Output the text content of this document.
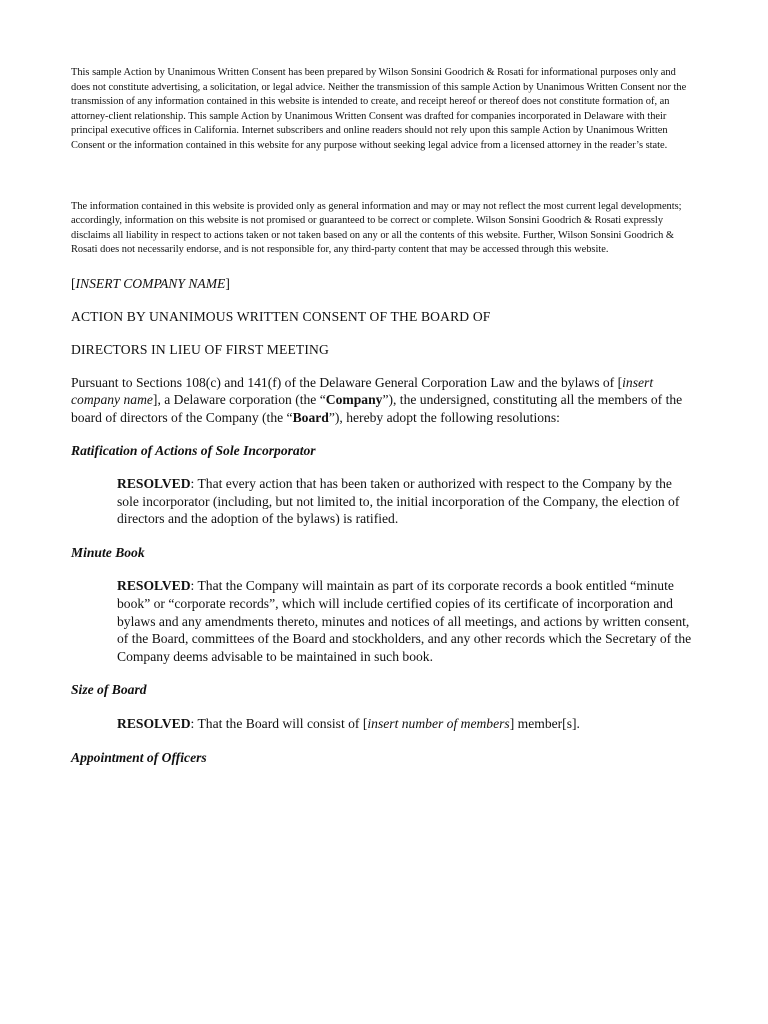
This sample Action by Unanimous Written Consent has been prepared by Wilson Sonsini Goodrich & Rosati for informational purposes only and does not constitute advertising, a solicitation, or legal advice. Neither the transmission of this sample Action by Unanimous Written Consent nor the transmission of any information contained in this website is intended to create, and receipt hereof or thereof does not constitute formation of, an attorney-client relationship. This sample Action by Unanimous Written Consent was drafted for companies incorporated in Delaware with their principal executive offices in California. Internet subscribers and online readers should not rely upon this sample Action by Unanimous Written Consent or the information contained in this website for any purpose without seeking legal advice from a licensed attorney in the reader’s state.

The information contained in this website is provided only as general information and may or may not reflect the most current legal developments; accordingly, information on this website is not promised or guaranteed to be correct or complete. Wilson Sonsini Goodrich & Rosati expressly disclaims all liability in respect to actions taken or not taken based on any or all the contents of this website. Further, Wilson Sonsini Goodrich & Rosati does not necessarily endorse, and is not responsible for, any third-party content that may be accessed through this website.

[INSERT COMPANY NAME]

ACTION BY UNANIMOUS WRITTEN CONSENT OF THE BOARD OF

DIRECTORS IN LIEU OF FIRST MEETING

Pursuant to Sections 108(c) and 141(f) of the Delaware General Corporation Law and the bylaws of [insert company name], a Delaware corporation (the “Company”), the undersigned, constituting all the members of the board of directors of the Company (the “Board”), hereby adopt the following resolutions:

Ratification of Actions of Sole Incorporator

RESOLVED: That every action that has been taken or authorized with respect to the Company by the sole incorporator (including, but not limited to, the initial incorporation of the Company, the election of directors and the adoption of the bylaws) is ratified.

Minute Book

RESOLVED: That the Company will maintain as part of its corporate records a book entitled “minute book” or “corporate records”, which will include certified copies of its certificate of incorporation and bylaws and any amendments thereto, minutes and notices of all meetings, and actions by written consent, of the Board, committees of the Board and stockholders, and any other records which the Secretary of the Company deems advisable to be maintained in such book.

Size of Board

RESOLVED: That the Board will consist of [insert number of members] member[s].

Appointment of Officers
